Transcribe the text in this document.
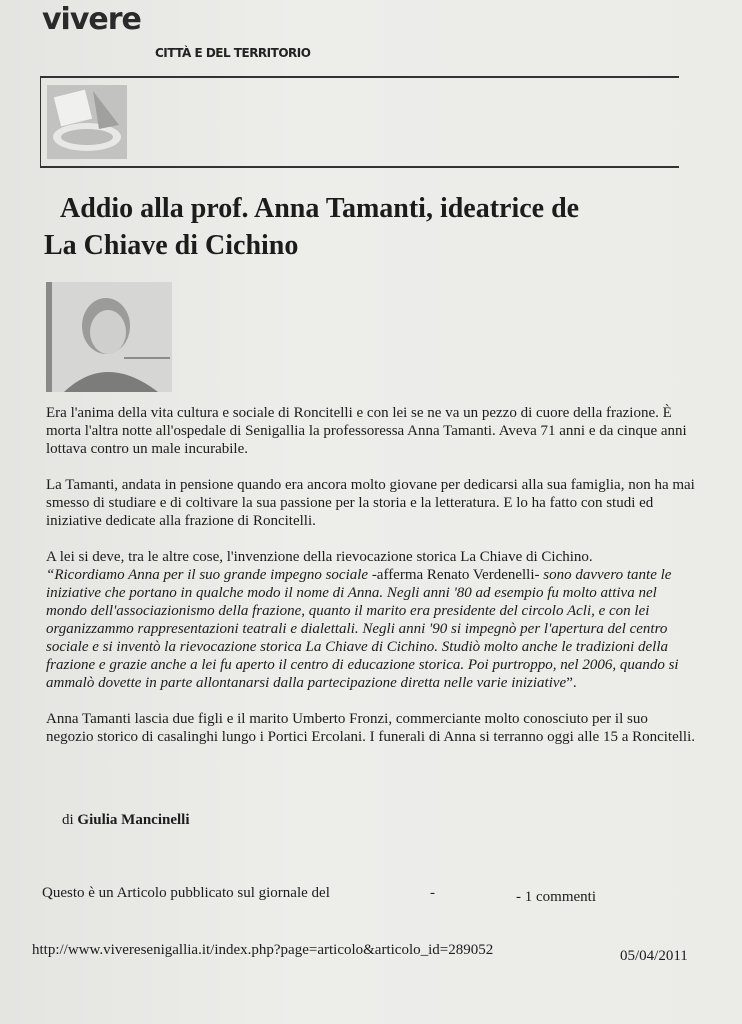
vivere
CITTÀ E DEL TERRITORIO
Addio alla prof. Anna Tamanti, ideatrice de
La Chiave di Cichino

Era l'anima della vita cultura e sociale di Roncitelli e con lei se ne va un pezzo di cuore della frazione. È morta l'altra notte all'ospedale di Senigallia la professoressa Anna Tamanti. Aveva 71 anni e da cinque anni lottava contro un male incurabile.

La Tamanti, andata in pensione quando era ancora molto giovane per dedicarsi alla sua famiglia, non ha mai smesso di studiare e di coltivare la sua passione per la storia e la letteratura. E lo ha fatto con studi ed iniziative dedicate alla frazione di Roncitelli.

A lei si deve, tra le altre cose, l'invenzione della rievocazione storica La Chiave di Cichino.
“Ricordiamo Anna per il suo grande impegno sociale -afferma Renato Verdenelli- sono davvero tante le iniziative che portano in qualche modo il nome di Anna. Negli anni '80 ad esempio fu molto attiva nel mondo dell'associazionismo della frazione, quanto il marito era presidente del circolo Acli, e con lei organizzammo rappresentazioni teatrali e dialettali. Negli anni '90 si impegnò per l'apertura del centro sociale e si inventò la rievocazione storica La Chiave di Cichino. Studiò molto anche le tradizioni della frazione e grazie anche a lei fu aperto il centro di educazione storica. Poi purtroppo, nel 2006, quando si ammalò dovette in parte allontanarsi dalla partecipazione diretta nelle varie iniziative”.

Anna Tamanti lascia due figli e il marito Umberto Fronzi, commerciante molto conosciuto per il suo negozio storico di casalinghi lungo i Portici Ercolani. I funerali di Anna si terranno oggi alle 15 a Roncitelli.

di Giulia Mancinelli
Questo è un Articolo pubblicato sul giornale del	-	- 1 commenti
http://www.viveresenigallia.it/index.php?page=articolo&articolo_id=289052	05/04/2011
